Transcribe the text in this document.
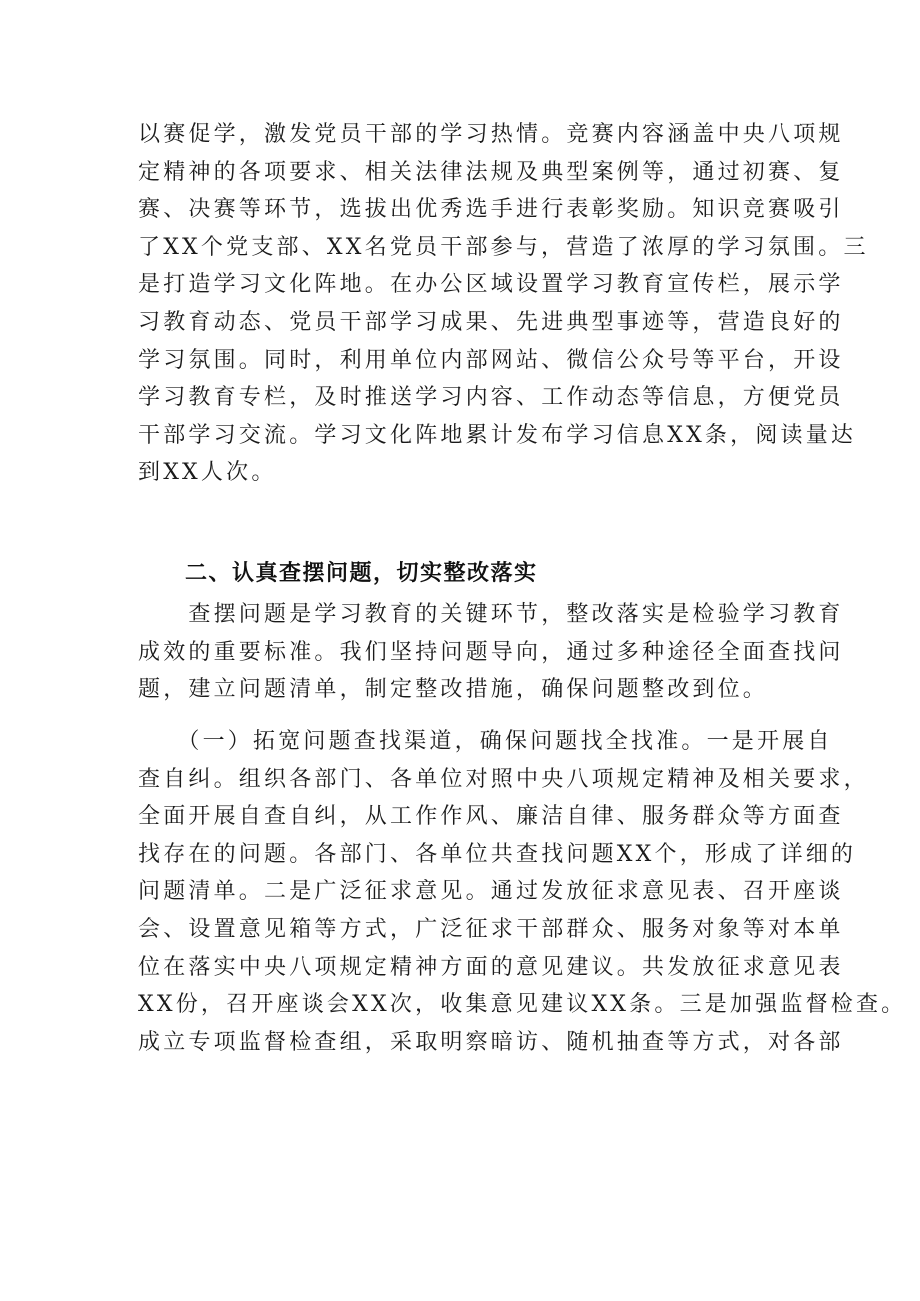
以赛促学，激发党员干部的学习热情。竞赛内容涵盖中央八项规
定精神的各项要求、相关法律法规及典型案例等，通过初赛、复
赛、决赛等环节，选拔出优秀选手进行表彰奖励。知识竞赛吸引
了XX个党支部、XX名党员干部参与，营造了浓厚的学习氛围。三
是打造学习文化阵地。在办公区域设置学习教育宣传栏，展示学
习教育动态、党员干部学习成果、先进典型事迹等，营造良好的
学习氛围。同时，利用单位内部网站、微信公众号等平台，开设
学习教育专栏，及时推送学习内容、工作动态等信息，方便党员
干部学习交流。学习文化阵地累计发布学习信息XX条，阅读量达
到XX人次。
二、认真查摆问题，切实整改落实
　　查摆问题是学习教育的关键环节，整改落实是检验学习教育
成效的重要标准。我们坚持问题导向，通过多种途径全面查找问
题，建立问题清单，制定整改措施，确保问题整改到位。
　　（一）拓宽问题查找渠道，确保问题找全找准。一是开展自
查自纠。组织各部门、各单位对照中央八项规定精神及相关要求，
全面开展自查自纠，从工作作风、廉洁自律、服务群众等方面查
找存在的问题。各部门、各单位共查找问题XX个，形成了详细的
问题清单。二是广泛征求意见。通过发放征求意见表、召开座谈
会、设置意见箱等方式，广泛征求干部群众、服务对象等对本单
位在落实中央八项规定精神方面的意见建议。共发放征求意见表
XX份，召开座谈会XX次，收集意见建议XX条。三是加强监督检查。
成立专项监督检查组，采取明察暗访、随机抽查等方式，对各部
